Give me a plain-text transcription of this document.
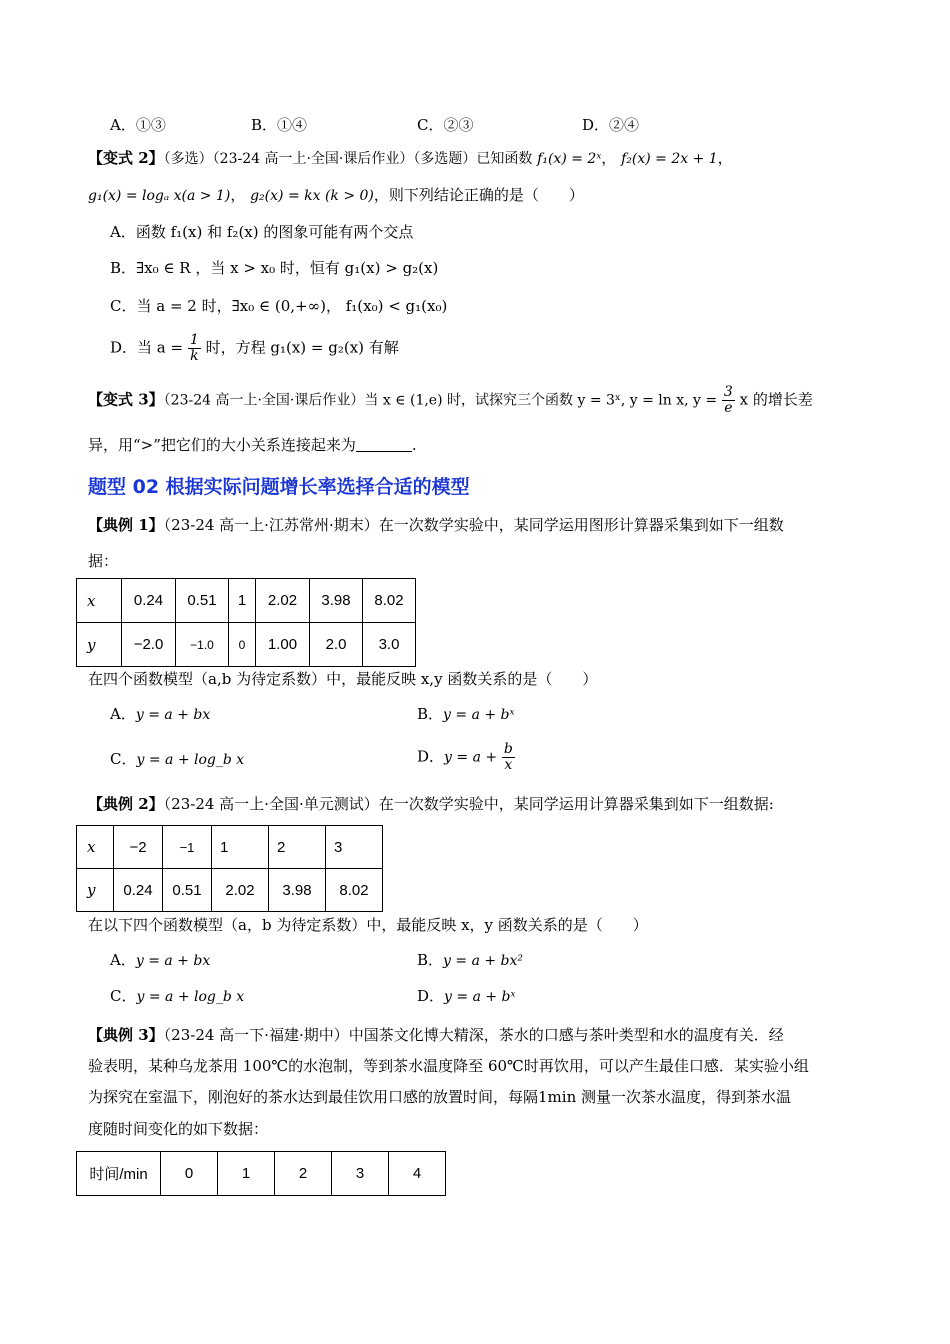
A．①③	B．①④	C．②③	D．②④
【变式 2】（多选）（23-24 高一上·全国·课后作业）（多选题）已知函数 f₁(x) = 2ˣ， f₂(x) = 2x + 1，
g₁(x) = logₐ x(a > 1)， g₂(x) = kx (k > 0)，则下列结论正确的是（　　）
A．函数 f₁(x) 和 f₂(x) 的图象可能有两个交点
B．∃x₀ ∈ R ，当 x > x₀ 时，恒有 g₁(x) > g₂(x)
C．当 a = 2 时，∃x₀ ∈ (0,+∞)， f₁(x₀) < g₁(x₀)
D．当 $a = \frac{1}{k}$ 时，方程 g₁(x) = g₂(x) 有解
【变式 3】（23-24 高一上·全国·课后作业）当 x ∈ (1,e) 时，试探究三个函数 y = 3ˣ, y = ln x, $y = \frac{3}{e}$ x 的增长差
异，用“>”把它们的大小关系连接起来为	.
题型 02 根据实际问题增长率选择合适的模型
【典例 1】（23-24 高一上·江苏常州·期末）在一次数学实验中，某同学运用图形计算器采集到如下一组数
据：
x	0.24	0.51	1	2.02	3.98	8.02
y	−2.0	−1.0	0	1.00	2.0	3.0
在四个函数模型（a,b 为待定系数）中，最能反映 x,y 函数关系的是（　　）
A．y = a + bx	B．y = a + bˣ
C．y = a + log_b x	D．$y = a + \frac{b}{x}$
【典例 2】（23-24 高一上·全国·单元测试）在一次数学实验中，某同学运用计算器采集到如下一组数据:
x	−2	−1	1	2	3
y	0.24	0.51	2.02	3.98	8.02
在以下四个函数模型（a，b 为待定系数）中，最能反映 x，y 函数关系的是（　　）
A．y = a + bx	B．y = a + bx²
C．y = a + log_b x	D．y = a + bˣ
【典例 3】（23-24 高一下·福建·期中）中国茶文化博大精深，茶水的口感与茶叶类型和水的温度有关．经
验表明，某种乌龙茶用 100℃的水泡制，等到茶水温度降至 60℃时再饮用，可以产生最佳口感．某实验小组
为探究在室温下，刚泡好的茶水达到最佳饮用口感的放置时间，每隔1min 测量一次茶水温度，得到茶水温
度随时间变化的如下数据：
时间/min	0	1	2	3	4
